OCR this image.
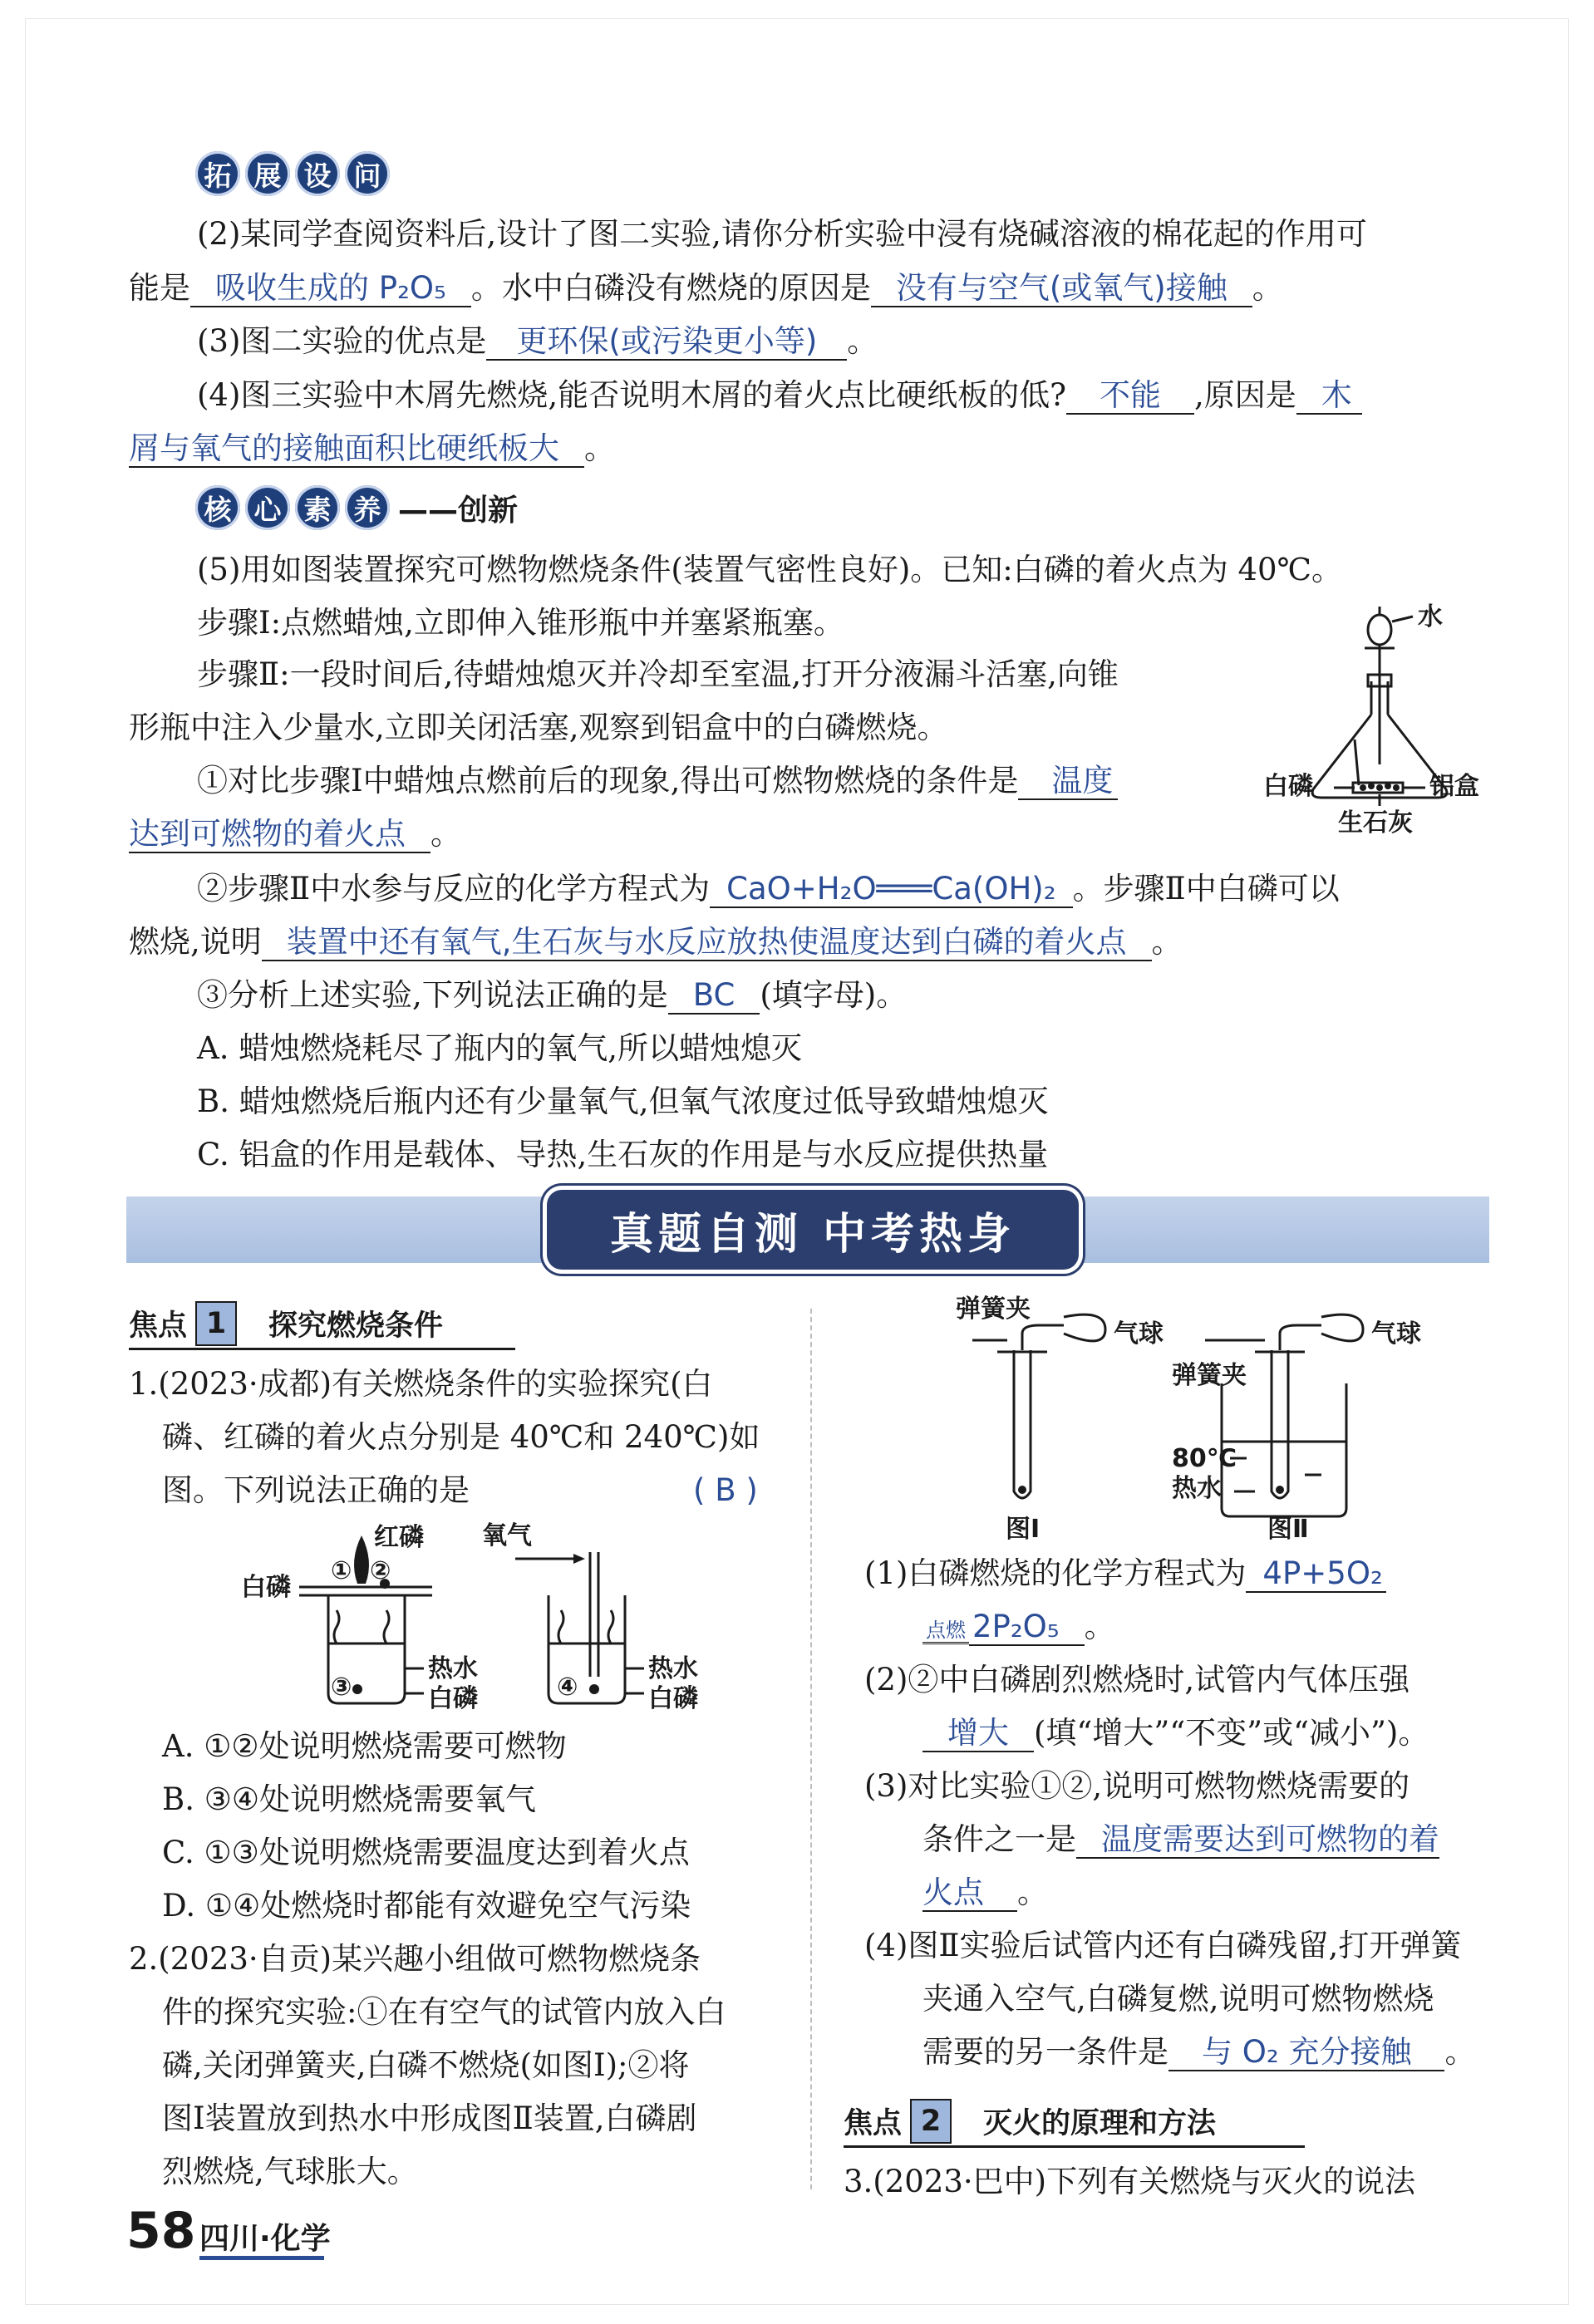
拓 展 设 问
(2)某同学查阅资料后,设计了图二实验,请你分析实验中浸有烧碱溶液的棉花起的作用可
能是 吸收生成的 P₂O₅ 。水中白磷没有燃烧的原因是 没有与空气(或氧气)接触 。
(3)图二实验的优点是 更环保(或污染更小等) 。
(4)图三实验中木屑先燃烧,能否说明木屑的着火点比硬纸板的低? 不能 ,原因是 木
屑与氧气的接触面积比硬纸板大 。
核 心 素 养 ——创新
(5)用如图装置探究可燃物燃烧条件(装置气密性良好)。已知:白磷的着火点为 40℃。
步骤Ⅰ:点燃蜡烛,立即伸入锥形瓶中并塞紧瓶塞。
步骤Ⅱ:一段时间后,待蜡烛熄灭并冷却至室温,打开分液漏斗活塞,向锥
形瓶中注入少量水,立即关闭活塞,观察到铝盒中的白磷燃烧。
①对比步骤Ⅰ中蜡烛点燃前后的现象,得出可燃物燃烧的条件是 温度
达到可燃物的着火点 。
②步骤Ⅱ中水参与反应的化学方程式为 CaO+H₂O═══Ca(OH)₂ 。步骤Ⅱ中白磷可以
燃烧,说明 装置中还有氧气,生石灰与水反应放热使温度达到白磷的着火点 。
③分析上述实验,下列说法正确的是 BC (填字母)。
A. 蜡烛燃烧耗尽了瓶内的氧气,所以蜡烛熄灭
B. 蜡烛燃烧后瓶内还有少量氧气,但氧气浓度过低导致蜡烛熄灭
C. 铝盒的作用是载体、导热,生石灰的作用是与水反应提供热量
水
白磷	铝盒
生石灰
真题自测 中考热身
焦点 1	探究燃烧条件
1.(2023·成都)有关燃烧条件的实验探究(白
磷、红磷的着火点分别是 40℃和 240℃)如
图。下列说法正确的是	( B )
红磷
白磷
① ②
③	④
氧气
热水
白磷
热水
白磷
A. ①②处说明燃烧需要可燃物
B. ③④处说明燃烧需要氧气
C. ①③处说明燃烧需要温度达到着火点
D. ①④处燃烧时都能有效避免空气污染
2.(2023·自贡)某兴趣小组做可燃物燃烧条
件的探究实验:①在有空气的试管内放入白
磷,关闭弹簧夹,白磷不燃烧(如图Ⅰ);②将
图Ⅰ装置放到热水中形成图Ⅱ装置,白磷剧
烈燃烧,气球胀大。
弹簧夹
气球
弹簧夹
气球
80℃
热水
图Ⅰ	图Ⅱ
(1)白磷燃烧的化学方程式为 4P+5O₂
点燃 2P₂O₅ 。
(2)②中白磷剧烈燃烧时,试管内气体压强
增大 (填“增大”“不变”或“减小”)。
(3)对比实验①②,说明可燃物燃烧需要的
条件之一是 温度需要达到可燃物的着
火点 。
(4)图Ⅱ实验后试管内还有白磷残留,打开弹簧
夹通入空气,白磷复燃,说明可燃物燃烧
需要的另一条件是 与 O₂ 充分接触 。
焦点 2	灭火的原理和方法
3.(2023·巴中)下列有关燃烧与灭火的说法
58 四川·化学
